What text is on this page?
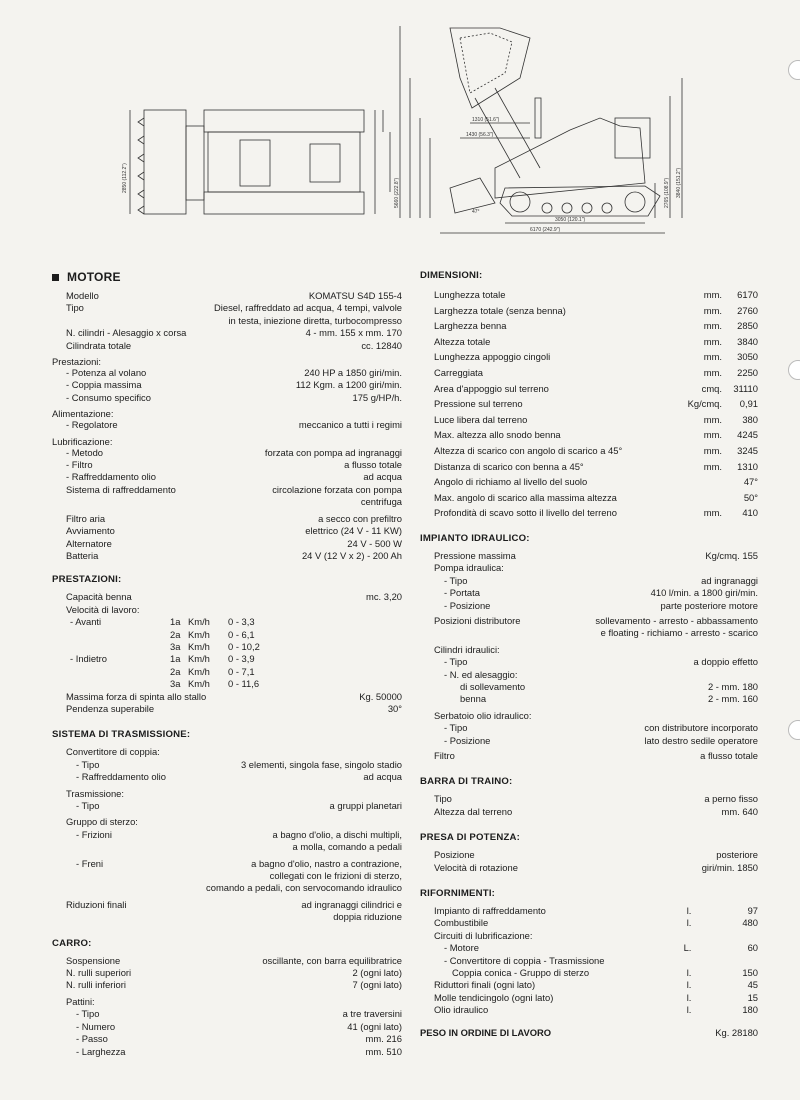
2850 (112.2")	5660 (222.8")	2765 (108.9") 3840 (151.2")
3050 (120.1")
6170 (242.9")
1310 (51.6")
1430 (56.3")
47°
MOTORE
Modello	KOMATSU S4D 155-4
Tipo	Diesel, raffreddato ad acqua, 4 tempi, valvole
in testa, iniezione diretta, turbocompresso
N. cilindri - Alesaggio x corsa	4 - mm. 155 x mm. 170
Cilindrata totale	cc. 12840
Prestazioni:
- Potenza al volano	240 HP a 1850 giri/min.
- Coppia massima	112 Kgm. a 1200 giri/min.
- Consumo specifico	175 g/HP/h.
Alimentazione:
- Regolatore	meccanico a tutti i regimi
Lubrificazione:
- Metodo	forzata con pompa ad ingranaggi
- Filtro	a flusso totale
- Raffreddamento olio	ad acqua
Sistema di raffreddamento	circolazione forzata con pompa
centrifuga
Filtro aria	a secco con prefiltro
Avviamento	elettrico (24 V - 11 KW)
Alternatore	24 V - 500 W
Batteria	24 V (12 V x 2) - 200 Ah
PRESTAZIONI:
Capacità benna	mc. 3,20
Velocità di lavoro:
- Avanti	1a Km/h	0 - 3,3
2a Km/h	0 - 6,1
3a Km/h	0 - 10,2
- Indietro	1a Km/h	0 - 3,9
2a Km/h	0 - 7,1
3a Km/h	0 - 11,6
Massima forza di spinta allo stallo	Kg. 50000
Pendenza superabile	30°
SISTEMA DI TRASMISSIONE:
Convertitore di coppia:
- Tipo	3 elementi, singola fase, singolo stadio
- Raffreddamento olio	ad acqua
Trasmissione:
- Tipo	a gruppi planetari
Gruppo di sterzo:
- Frizioni	a bagno d'olio, a dischi multipli,
a molla, comando a pedali
- Freni	a bagno d'olio, nastro a contrazione,
collegati con le frizioni di sterzo,
comando a pedali, con servocomando idraulico
Riduzioni finali	ad ingranaggi cilindrici e
doppia riduzione
CARRO:
Sospensione	oscillante, con barra equilibratrice
N. rulli superiori	2 (ogni lato)
N. rulli inferiori	7 (ogni lato)
Pattini:
- Tipo	a tre traversini
- Numero	41 (ogni lato)
- Passo	mm. 216
- Larghezza	mm. 510
DIMENSIONI:
Lunghezza totale	mm.	6170
Larghezza totale (senza benna)	mm.	2760
Larghezza benna	mm.	2850
Altezza totale	mm.	3840
Lunghezza appoggio cingoli	mm.	3050
Carreggiata	mm.	2250
Area d'appoggio sul terreno	cmq.	31110
Pressione sul terreno	Kg/cmq.	0,91
Luce libera dal terreno	mm.	380
Max. altezza allo snodo benna	mm.	4245
Altezza di scarico con angolo di scarico a 45°	mm.	3245
Distanza di scarico con benna a 45°	mm.	1310
Angolo di richiamo al livello del suolo	47°
Max. angolo di scarico alla massima altezza	50°
Profondità di scavo sotto il livello del terreno	mm.	410
IMPIANTO IDRAULICO:
Pressione massima	Kg/cmq. 155
Pompa idraulica:
- Tipo	ad ingranaggi
- Portata	410 l/min. a 1800 giri/min.
- Posizione	parte posteriore motore
Posizioni distributore	sollevamento - arresto - abbassamento
e floating - richiamo - arresto - scarico
Cilindri idraulici:
- Tipo	a doppio effetto
- N. ed alesaggio:
di sollevamento	2 - mm. 180
benna	2 - mm. 160
Serbatoio olio idraulico:
- Tipo	con distributore incorporato
- Posizione	lato destro sedile operatore
Filtro	a flusso totale
BARRA DI TRAINO:
Tipo	a perno fisso
Altezza dal terreno	mm. 640
PRESA DI POTENZA:
Posizione	posteriore
Velocità di rotazione	giri/min. 1850
RIFORNIMENTI:
Impianto di raffreddamento	l.	97
Combustibile	l.	480
Circuiti di lubrificazione:
- Motore	L.	60
- Convertitore di coppia - Trasmissione
Coppia conica - Gruppo di sterzo	l.	150
Riduttori finali (ogni lato)	l.	45
Molle tendicingolo (ogni lato)	l.	15
Olio idraulico	l.	180
PESO IN ORDINE DI LAVORO	Kg. 28180
